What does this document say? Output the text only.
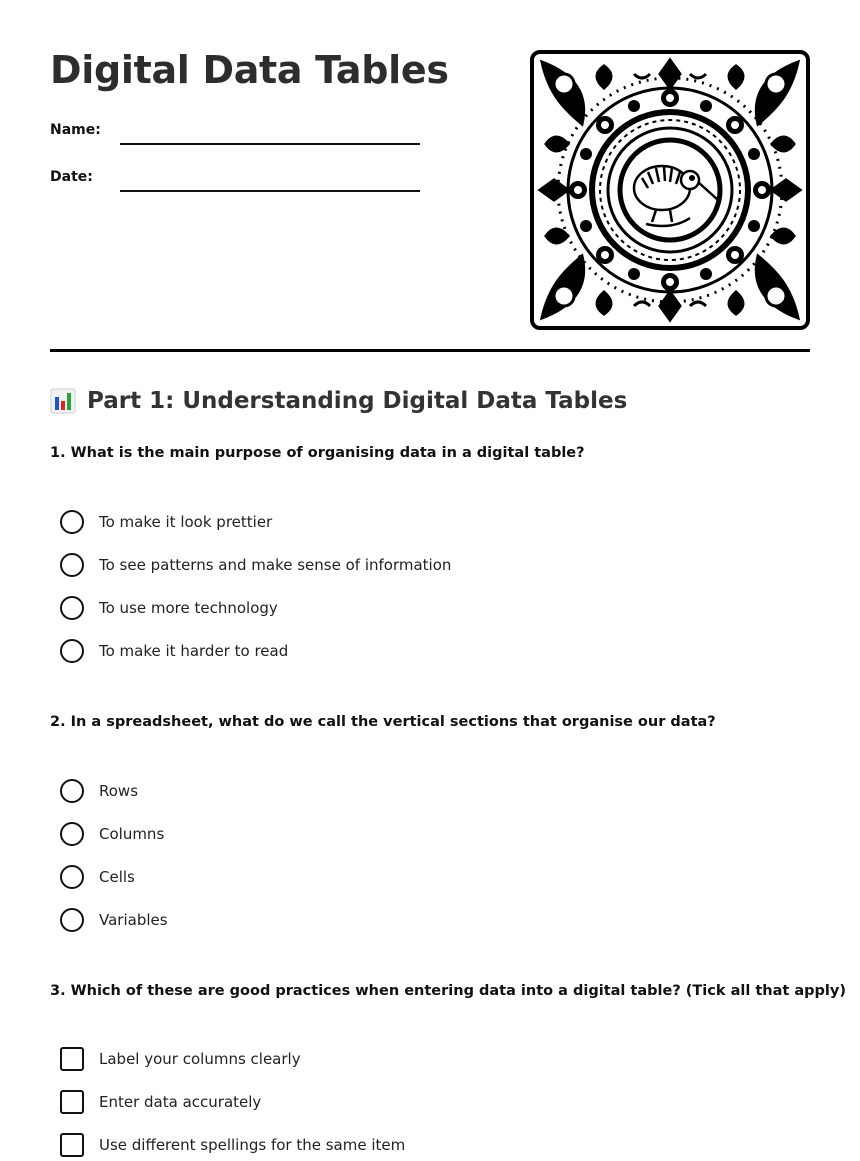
Digital Data Tables
Name:
Date:
Part 1: Understanding Digital Data Tables

1. What is the main purpose of organising data in a digital table?

To make it look prettier
To see patterns and make sense of information
To use more technology
To make it harder to read

2. In a spreadsheet, what do we call the vertical sections that organise our data?

Rows
Columns
Cells
Variables

3. Which of these are good practices when entering data into a digital table? (Tick all that apply)

Label your columns clearly
Enter data accurately
Use different spellings for the same item
